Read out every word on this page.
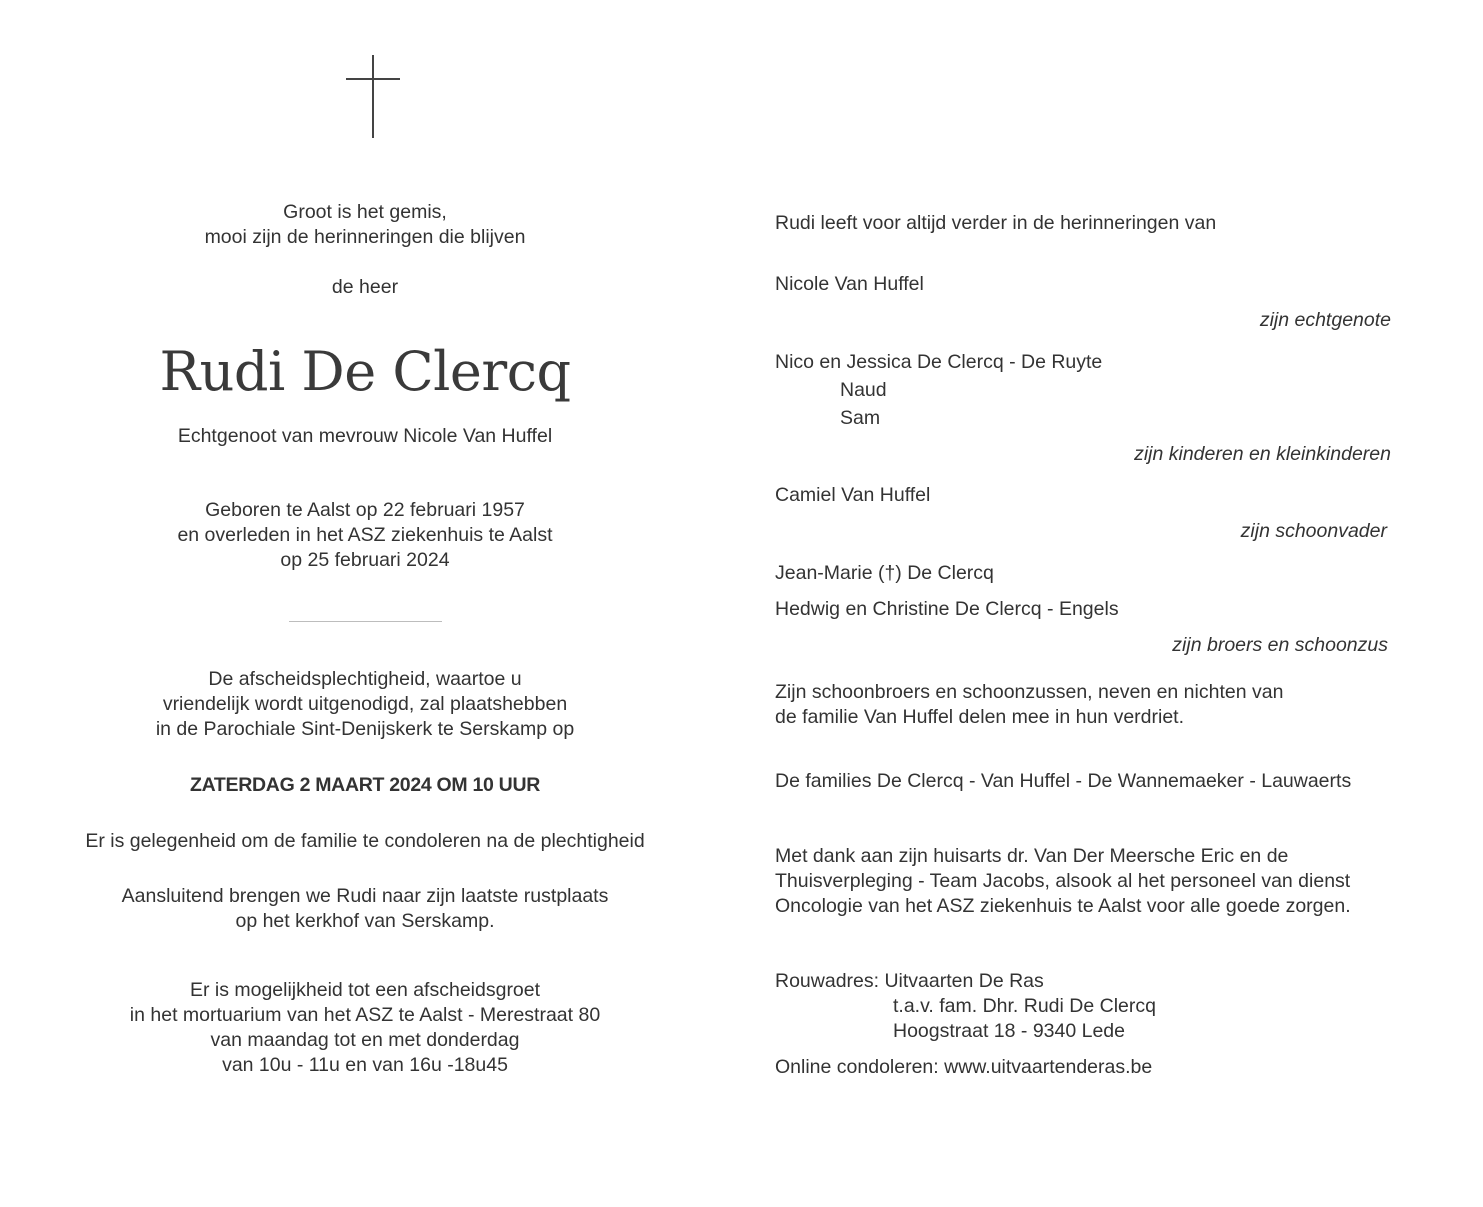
Groot is het gemis,

mooi zijn de herinneringen die blijven

de heer

Rudi De Clercq

Echtgenoot van mevrouw Nicole Van Huffel

Geboren te Aalst op 22 februari 1957

en overleden in het ASZ ziekenhuis te Aalst

op 25 februari 2024

De afscheidsplechtigheid, waartoe u

vriendelijk wordt uitgenodigd, zal plaatshebben

in de Parochiale Sint-Denijskerk te Serskamp op

ZATERDAG 2 MAART 2024 OM 10 UUR

Er is gelegenheid om de familie te condoleren na de plechtigheid

Aansluitend brengen we Rudi naar zijn laatste rustplaats

op het kerkhof van Serskamp.

Er is mogelijkheid tot een afscheidsgroet

in het mortuarium van het ASZ te Aalst - Merestraat 80

van maandag tot en met donderdag

van 10u - 11u en van 16u -18u45

Rudi leeft voor altijd verder in de herinneringen van

Nicole Van Huffel

zijn echtgenote

Nico en Jessica De Clercq - De Ruyte

Naud

Sam

zijn kinderen en kleinkinderen

Camiel Van Huffel

zijn schoonvader

Jean-Marie (†) De Clercq

Hedwig en Christine De Clercq - Engels

zijn broers en schoonzus

Zijn schoonbroers en schoonzussen, neven en nichten van

de familie Van Huffel delen mee in hun verdriet.

De families De Clercq - Van Huffel - De Wannemaeker - Lauwaerts

Met dank aan zijn huisarts dr. Van Der Meersche Eric en de

Thuisverpleging - Team Jacobs, alsook al het personeel van dienst

Oncologie van het ASZ ziekenhuis te Aalst voor alle goede zorgen.

Rouwadres: Uitvaarten De Ras

t.a.v. fam. Dhr. Rudi De Clercq

Hoogstraat 18 - 9340 Lede

Online condoleren: www.uitvaartenderas.be
